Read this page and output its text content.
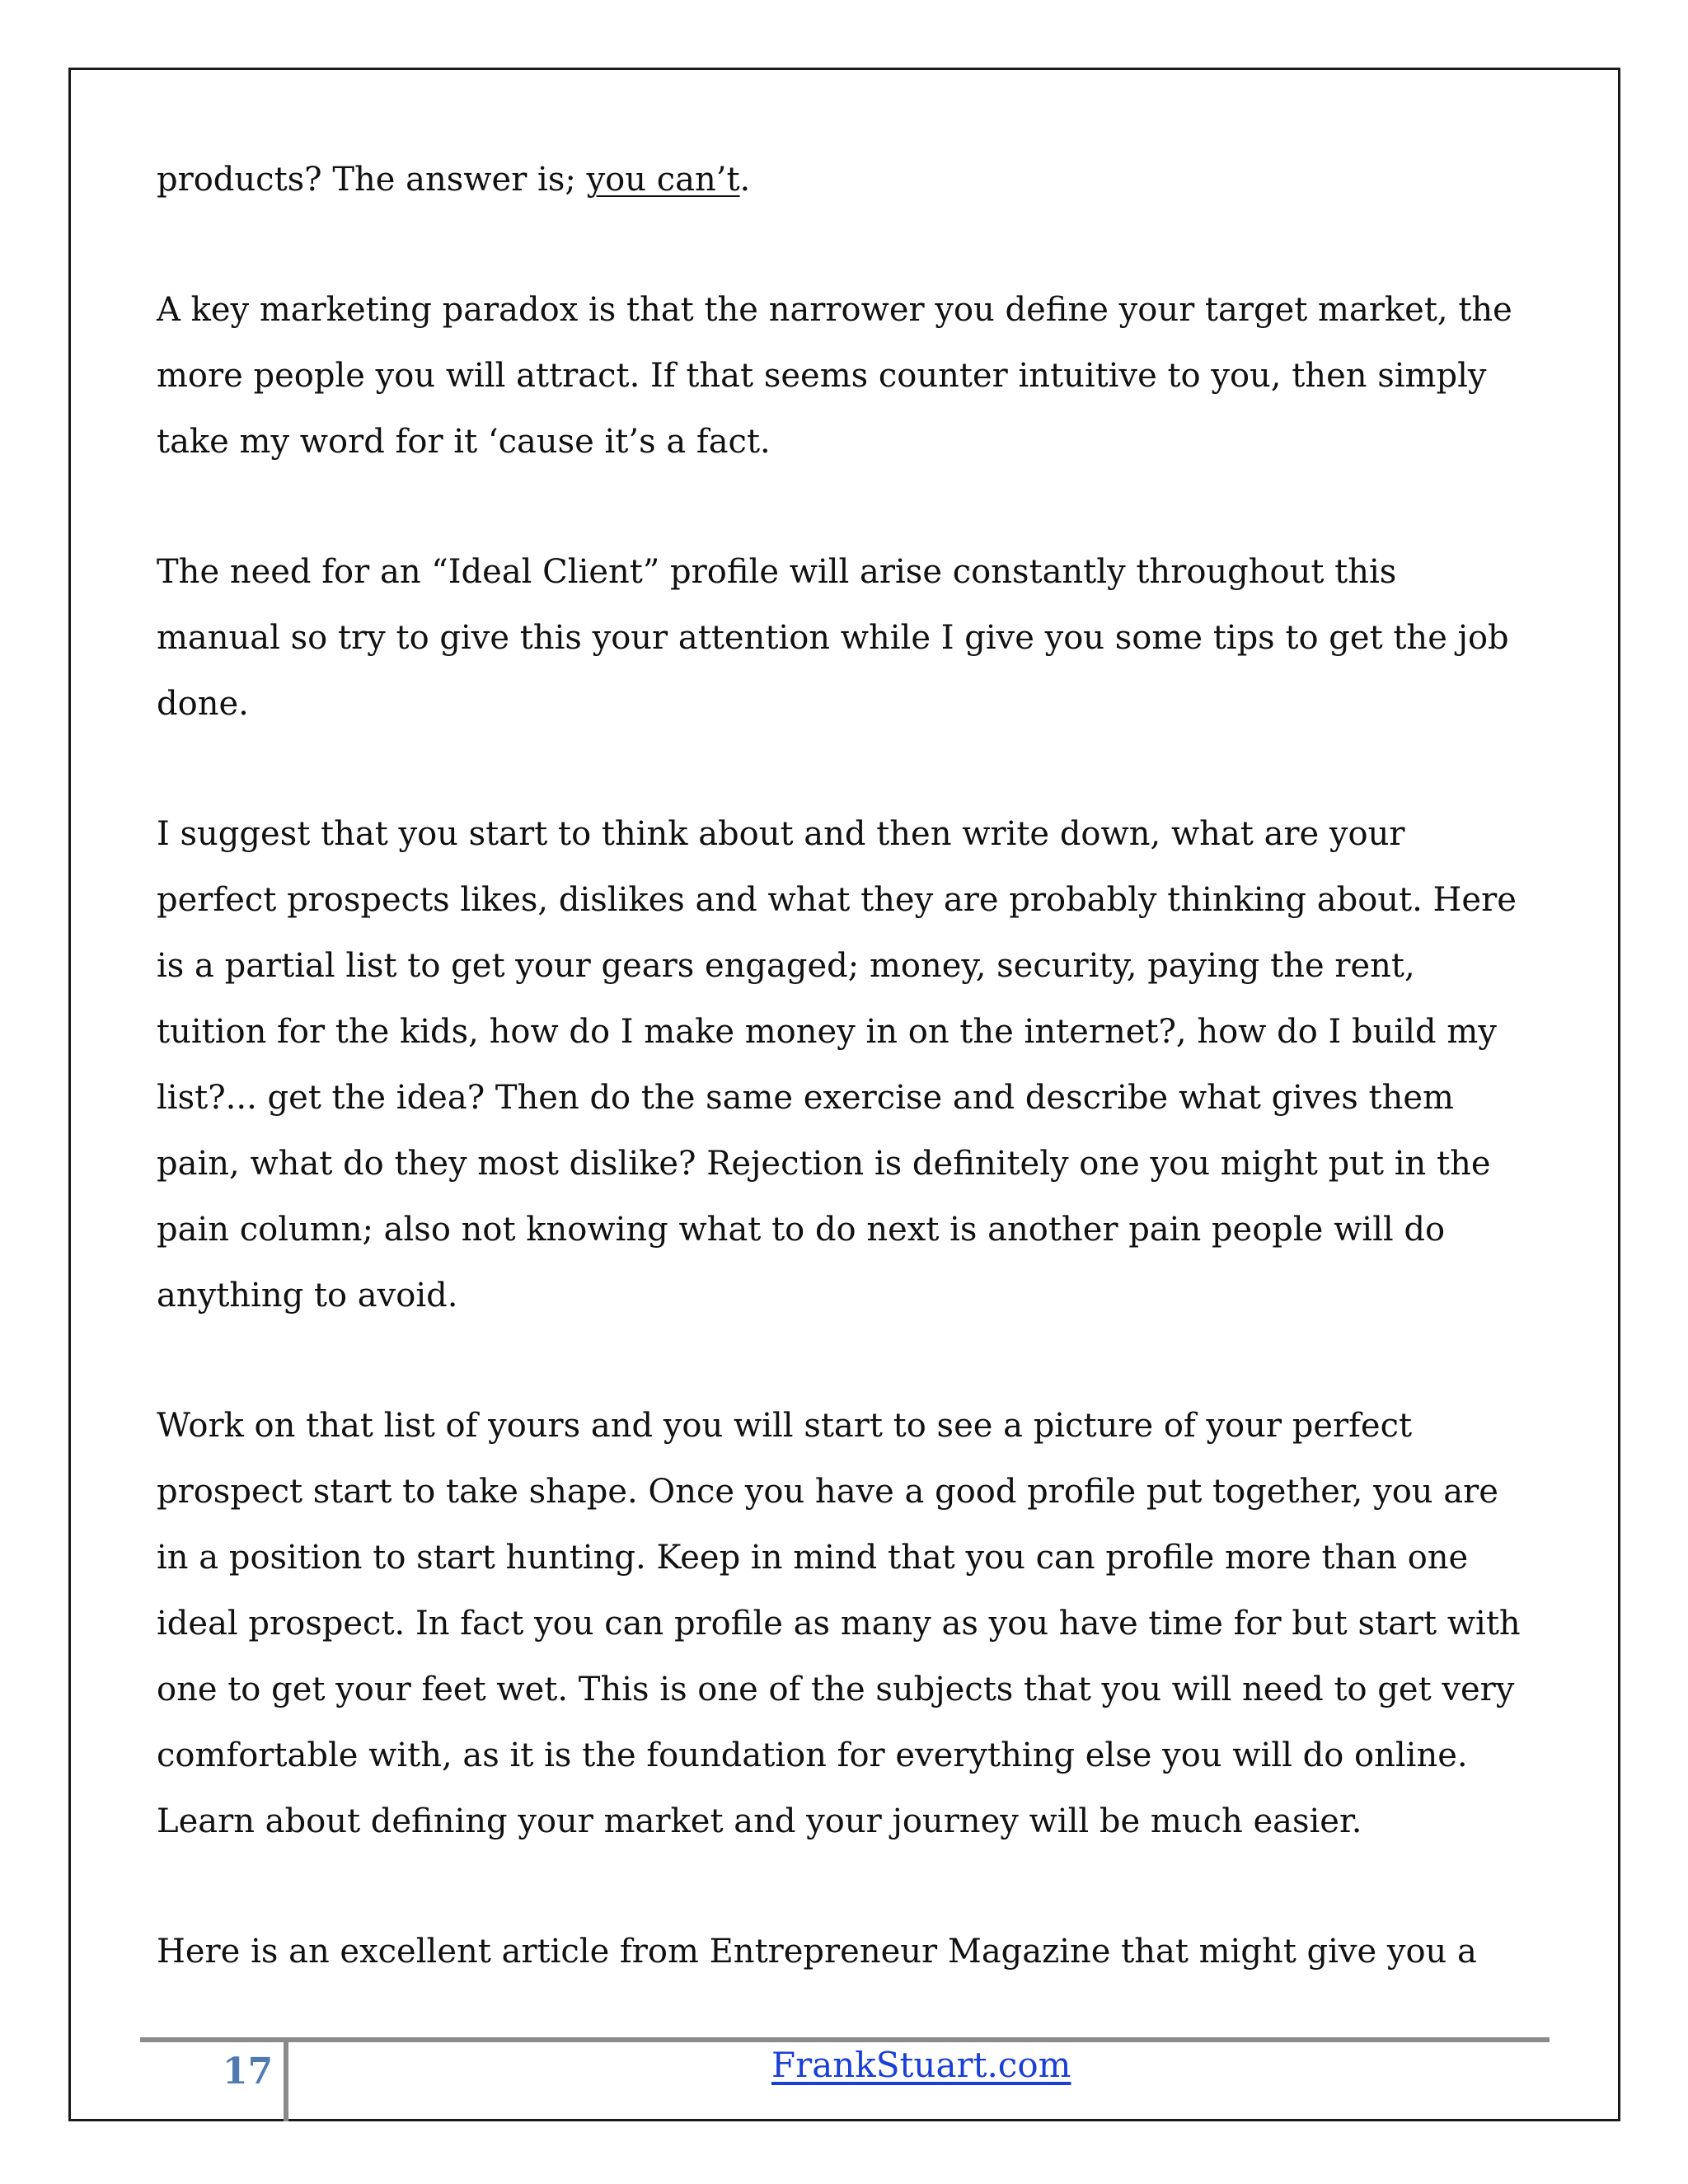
products? The answer is; you can’t.

A key marketing paradox is that the narrower you define your target market, the
more people you will attract. If that seems counter intuitive to you, then simply
take my word for it ‘cause it’s a fact.

The need for an “Ideal Client” profile will arise constantly throughout this
manual so try to give this your attention while I give you some tips to get the job
done.

I suggest that you start to think about and then write down, what are your
perfect prospects likes, dislikes and what they are probably thinking about. Here
is a partial list to get your gears engaged; money, security, paying the rent,
tuition for the kids, how do I make money in on the internet?, how do I build my
list?... get the idea? Then do the same exercise and describe what gives them
pain, what do they most dislike? Rejection is definitely one you might put in the
pain column; also not knowing what to do next is another pain people will do
anything to avoid.

Work on that list of yours and you will start to see a picture of your perfect
prospect start to take shape. Once you have a good profile put together, you are
in a position to start hunting. Keep in mind that you can profile more than one
ideal prospect. In fact you can profile as many as you have time for but start with
one to get your feet wet. This is one of the subjects that you will need to get very
comfortable with, as it is the foundation for everything else you will do online.
Learn about defining your market and your journey will be much easier.

Here is an excellent article from Entrepreneur Magazine that might give you a

17	FrankStuart.com
